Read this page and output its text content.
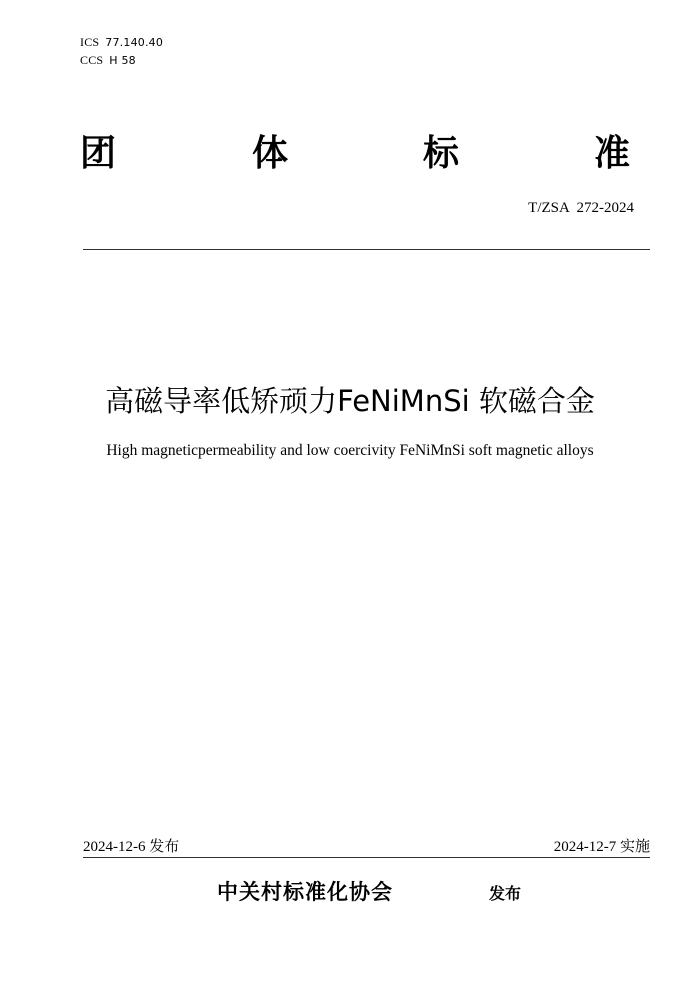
ICS 77.140.40
CCS H 58
团	体	标	准
T/ZSA  272-2024
高磁导率低矫顽力FeNiMnSi 软磁合金
High magneticpermeability and low coercivity FeNiMnSi soft magnetic alloys
2024-12-6 发布	2024-12-7 实施
中关村标准化协会	发布
